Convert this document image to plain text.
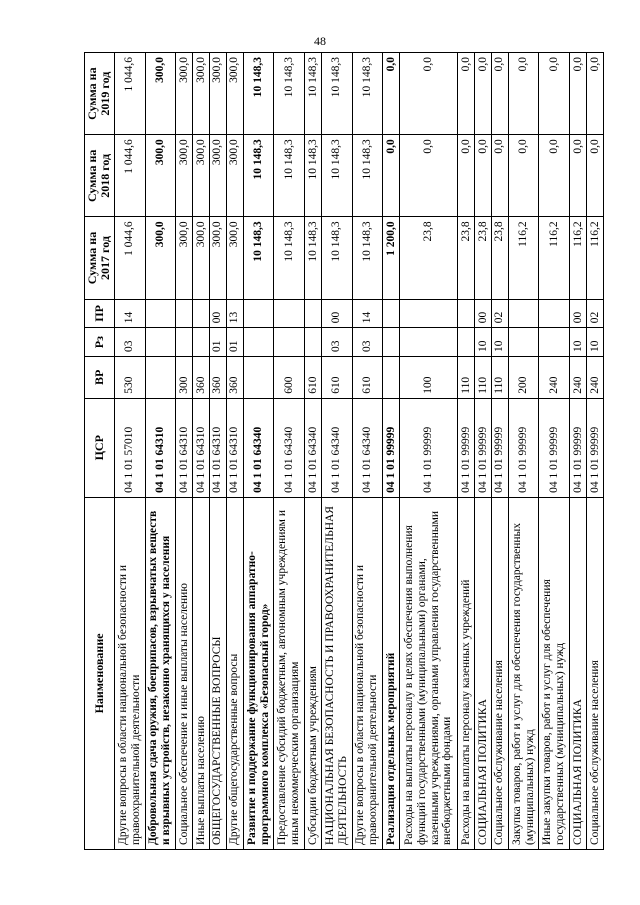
48
Наименование	ЦСР	ВР	Рз	ПР	Сумма на 2017 год	Сумма на 2018 год	Сумма на 2019 год
Другие вопросы в области национальной безопасности и правоохранительной деятельности	04 1 01 57010	530	03	14	1 044,6	1 044,6	1 044,6
Добровольная сдача оружия, боеприпасов, взрывчатых веществ и взрывных устройств, незаконно хранящихся у населения	04 1 01 64310				300,0	300,0	300,0
Социальное обеспечение и иные выплаты населению	04 1 01 64310	300			300,0	300,0	300,0
Иные выплаты населению	04 1 01 64310	360			300,0	300,0	300,0
ОБЩЕГОСУДАРСТВЕННЫЕ ВОПРОСЫ	04 1 01 64310	360	01	00	300,0	300,0	300,0
Другие общегосударственные вопросы	04 1 01 64310	360	01	13	300,0	300,0	300,0
Развитие и поддержание функционирования аппаратно-программного комплекса «Безопасный город»	04 1 01 64340				10 148,3	10 148,3	10 148,3
Предоставление субсидий бюджетным, автономным учреждениям и иным некоммерческим организациям	04 1 01 64340	600			10 148,3	10 148,3	10 148,3
Субсидии бюджетным учреждениям	04 1 01 64340	610			10 148,3	10 148,3	10 148,3
НАЦИОНАЛЬНАЯ БЕЗОПАСНОСТЬ И ПРАВООХРАНИТЕЛЬНАЯ ДЕЯТЕЛЬНОСТЬ	04 1 01 64340	610	03	00	10 148,3	10 148,3	10 148,3
Другие вопросы в области национальной безопасности и правоохранительной деятельности	04 1 01 64340	610	03	14	10 148,3	10 148,3	10 148,3
Реализация отдельных мероприятий	04 1 01 99999				1 200,0	0,0	0,0
Расходы на выплаты персоналу в целях обеспечения выполнения функций государственными (муниципальными) органами, казенными учреждениями, органами управления государственными внебюджетными фондами	04 1 01 99999	100			23,8	0,0	0,0
Расходы на выплаты персоналу казенных учреждений	04 1 01 99999	110			23,8	0,0	0,0
СОЦИАЛЬНАЯ ПОЛИТИКА	04 1 01 99999	110	10	00	23,8	0,0	0,0
Социальное обслуживание населения	04 1 01 99999	110	10	02	23,8	0,0	0,0
Закупка товаров, работ и услуг для обеспечения государственных (муниципальных) нужд	04 1 01 99999	200			116,2	0,0	0,0
Иные закупки товаров, работ и услуг для обеспечения государственных (муниципальных) нужд	04 1 01 99999	240			116,2	0,0	0,0
СОЦИАЛЬНАЯ ПОЛИТИКА	04 1 01 99999	240	10	00	116,2	0,0	0,0
Социальное обслуживание населения	04 1 01 99999	240	10	02	116,2	0,0	0,0
